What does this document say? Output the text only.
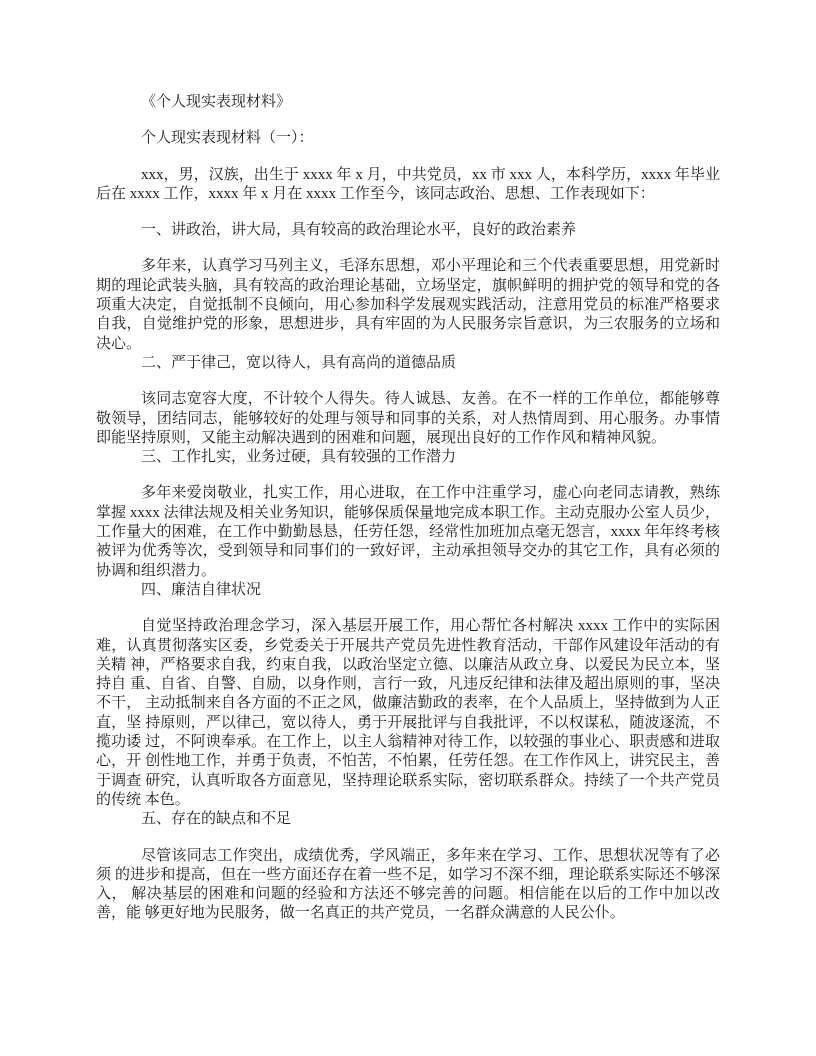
《个人现实表现材料》

个人现实表现材料（一）：

xxx，男，汉族，出生于 xxxx 年 x 月，中共党员，xx 市 xxx 人，本科学历，xxxx 年毕业后在 xxxx 工作，xxxx 年 x 月在 xxxx 工作至今，该同志政治、思想、工作表现如下：

一、讲政治，讲大局，具有较高的政治理论水平，良好的政治素养

多年来，认真学习马列主义，毛泽东思想，邓小平理论和三个代表重要思想，用党新时期的理论武装头脑，具有较高的政治理论基础，立场坚定，旗帜鲜明的拥护党的领导和党的各项重大决定，自觉抵制不良倾向，用心参加科学发展观实践活动，注意用党员的标准严格要求自我，自觉维护党的形象，思想进步，具有牢固的为人民服务宗旨意识，为三农服务的立场和决心。

二、严于律己，宽以待人，具有高尚的道德品质

该同志宽容大度，不计较个人得失。待人诚恳、友善。在不一样的工作单位，都能够尊敬领导，团结同志，能够较好的处理与领导和同事的关系，对人热情周到、用心服务。办事情即能坚持原则，又能主动解决遇到的困难和问题，展现出良好的工作作风和精神风貌。

三、工作扎实，业务过硬，具有较强的工作潜力

多年来爱岗敬业，扎实工作，用心进取，在工作中注重学习，虚心向老同志请教，熟练掌握 xxxx 法律法规及相关业务知识，能够保质保量地完成本职工作。主动克服办公室人员少，工作量大的困难，在工作中勤勤恳恳，任劳任怨，经常性加班加点毫无怨言，xxxx 年年终考核被评为优秀等次，受到领导和同事们的一致好评，主动承担领导交办的其它工作，具有必须的协调和组织潜力。

四、廉洁自律状况

自觉坚持政治理念学习，深入基层开展工作，用心帮忙各村解决 xxxx 工作中的实际困难，认真贯彻落实区委，乡党委关于开展共产党员先进性教育活动，干部作风建设年活动的有关精 神，严格要求自我，约束自我，以政治坚定立德、以廉洁从政立身、以爱民为民立本，坚持自 重、自省、自警、自励，以身作则，言行一致，凡违反纪律和法律及超出原则的事，坚决不干， 主动抵制来自各方面的不正之风，做廉洁勤政的表率，在个人品质上，坚持做到为人正直，坚 持原则，严以律己，宽以待人，勇于开展批评与自我批评，不以权谋私，随波逐流，不揽功诿 过，不阿谀奉承。在工作上，以主人翁精神对待工作，以较强的事业心、职责感和进取心，开 创性地工作，并勇于负责，不怕苦，不怕累，任劳任怨。在工作作风上，讲究民主，善于调查 研究，认真听取各方面意见，坚持理论联系实际，密切联系群众。持续了一个共产党员的传统 本色。

五、存在的缺点和不足

尽管该同志工作突出，成绩优秀，学风端正，多年来在学习、工作、思想状况等有了必须 的进步和提高，但在一些方面还存在着一些不足，如学习不深不细，理论联系实际还不够深入， 解决基层的困难和问题的经验和方法还不够完善的问题。相信能在以后的工作中加以改善，能 够更好地为民服务，做一名真正的共产党员，一名群众满意的人民公仆。
